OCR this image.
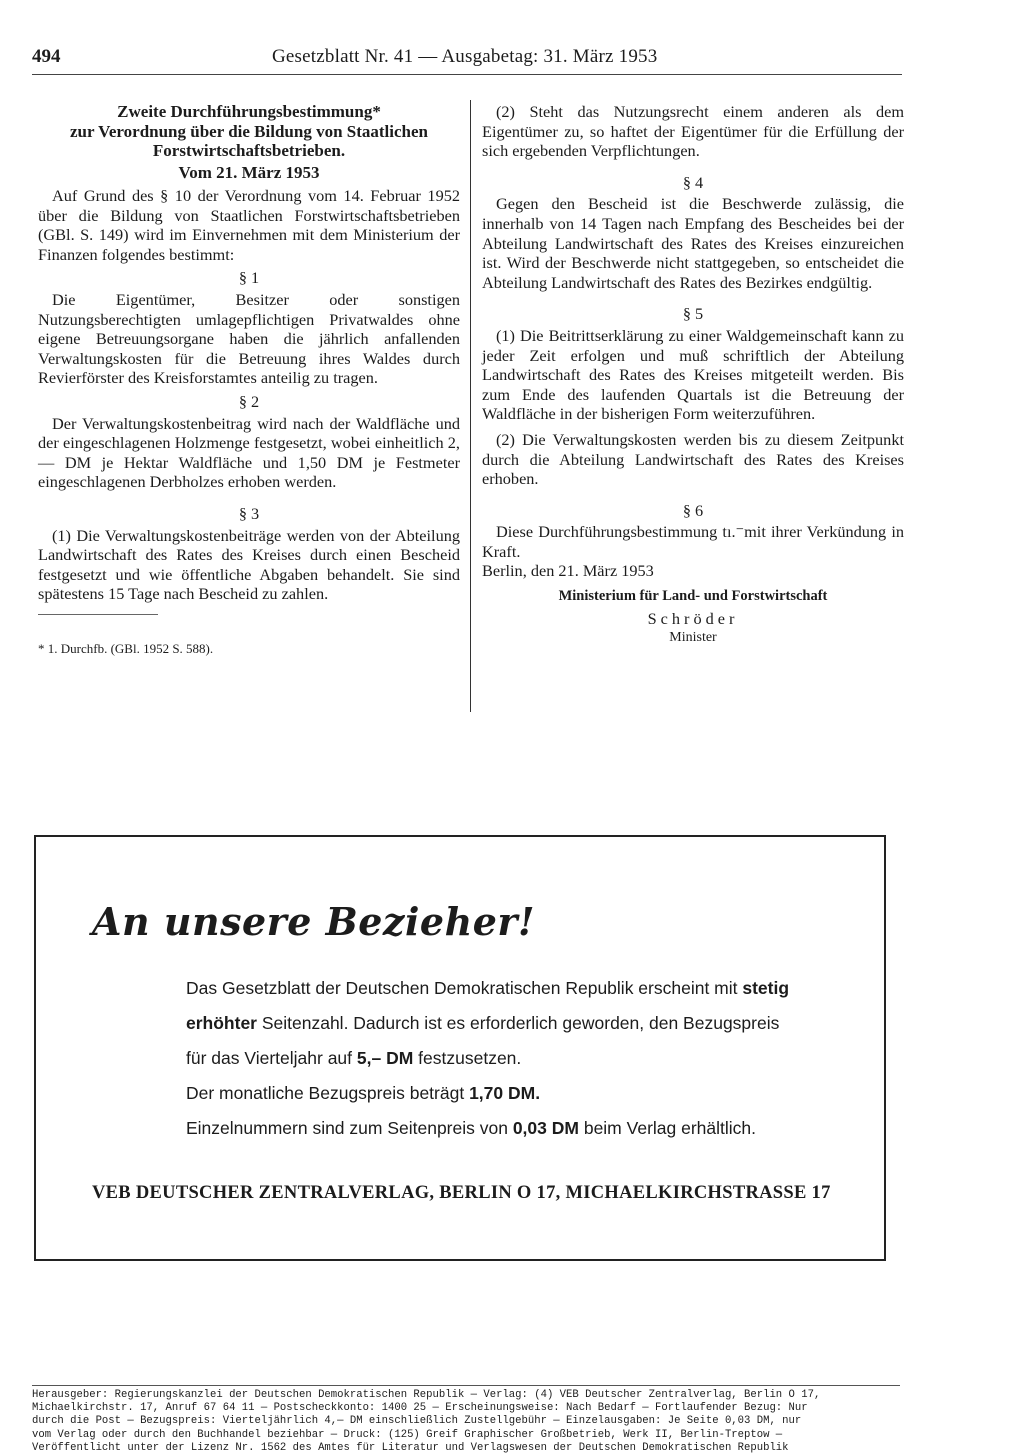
494	Gesetzblatt Nr. 41 — Ausgabetag: 31. März 1953

Zweite Durchführungsbestimmung*

zur Verordnung über die Bildung von Staatlichen

Forstwirtschaftsbetrieben.

Vom 21. März 1953

Auf Grund des § 10 der Verordnung vom 14. Februar 1952 über die Bildung von Staatlichen Forstwirtschaftsbetrieben (GBl. S. 149) wird im Einvernehmen mit dem Ministerium der Finanzen folgendes bestimmt:

§ 1

Die Eigentümer, Besitzer oder sonstigen Nutzungsberechtigten umlagepflichtigen Privatwaldes ohne eigene Betreuungsorgane haben die jährlich anfallenden Verwaltungskosten für die Betreuung ihres Waldes durch Revierförster des Kreisforstamtes anteilig zu tragen.

§ 2

Der Verwaltungskostenbeitrag wird nach der Waldfläche und der eingeschlagenen Holzmenge festgesetzt, wobei einheitlich 2,— DM je Hektar Waldfläche und 1,50 DM je Festmeter eingeschlagenen Derbholzes erhoben werden.

§ 3

(1) Die Verwaltungskostenbeiträge werden von der Abteilung Landwirtschaft des Rates des Kreises durch einen Bescheid festgesetzt und wie öffentliche Abgaben behandelt. Sie sind spätestens 15 Tage nach Bescheid zu zahlen.

* 1. Durchfb. (GBl. 1952 S. 588).

(2) Steht das Nutzungsrecht einem anderen als dem Eigentümer zu, so haftet der Eigentümer für die Erfüllung der sich ergebenden Verpflichtungen.

§ 4

Gegen den Bescheid ist die Beschwerde zulässig, die innerhalb von 14 Tagen nach Empfang des Bescheides bei der Abteilung Landwirtschaft des Rates des Kreises einzureichen ist. Wird der Beschwerde nicht stattgegeben, so entscheidet die Abteilung Landwirtschaft des Rates des Bezirkes endgültig.

§ 5

(1) Die Beitrittserklärung zu einer Waldgemeinschaft kann zu jeder Zeit erfolgen und muß schriftlich der Abteilung Landwirtschaft des Rates des Kreises mitgeteilt werden. Bis zum Ende des laufenden Quartals ist die Betreuung der Waldfläche in der bisherigen Form weiterzuführen.

(2) Die Verwaltungskosten werden bis zu diesem Zeitpunkt durch die Abteilung Landwirtschaft des Rates des Kreises erhoben.

§ 6

Diese Durchführungsbestimmung tı.⁻mit ihrer Verkündung in Kraft.

Berlin, den 21. März 1953

Ministerium für Land- und Forstwirtschaft
Schröder
Minister
An unsere Bezieher!
Das Gesetzblatt der Deutschen Demokratischen Republik erscheint mit stetig
erhöhter Seitenzahl. Dadurch ist es erforderlich geworden, den Bezugspreis
für das Vierteljahr auf 5,– DM festzusetzen.
Der monatliche Bezugspreis beträgt 1,70 DM.
Einzelnummern sind zum Seitenpreis von 0,03 DM beim Verlag erhältlich.
VEB DEUTSCHER ZENTRALVERLAG, BERLIN O 17, MICHAELKIRCHSTRASSE 17
Herausgeber: Regierungskanzlei der Deutschen Demokratischen Republik — Verlag: (4) VEB Deutscher Zentralverlag, Berlin O 17,
Michaelkirchstr. 17, Anruf 67 64 11 — Postscheckkonto: 1400 25 — Erscheinungsweise: Nach Bedarf — Fortlaufender Bezug: Nur
durch die Post — Bezugspreis: Vierteljährlich 4,— DM einschließlich Zustellgebühr — Einzelausgaben: Je Seite 0,03 DM, nur
vom Verlag oder durch den Buchhandel beziehbar — Druck: (125) Greif Graphischer Großbetrieb, Werk II, Berlin-Treptow —
Veröffentlicht unter der Lizenz Nr. 1562 des Amtes für Literatur und Verlagswesen der Deutschen Demokratischen Republik
